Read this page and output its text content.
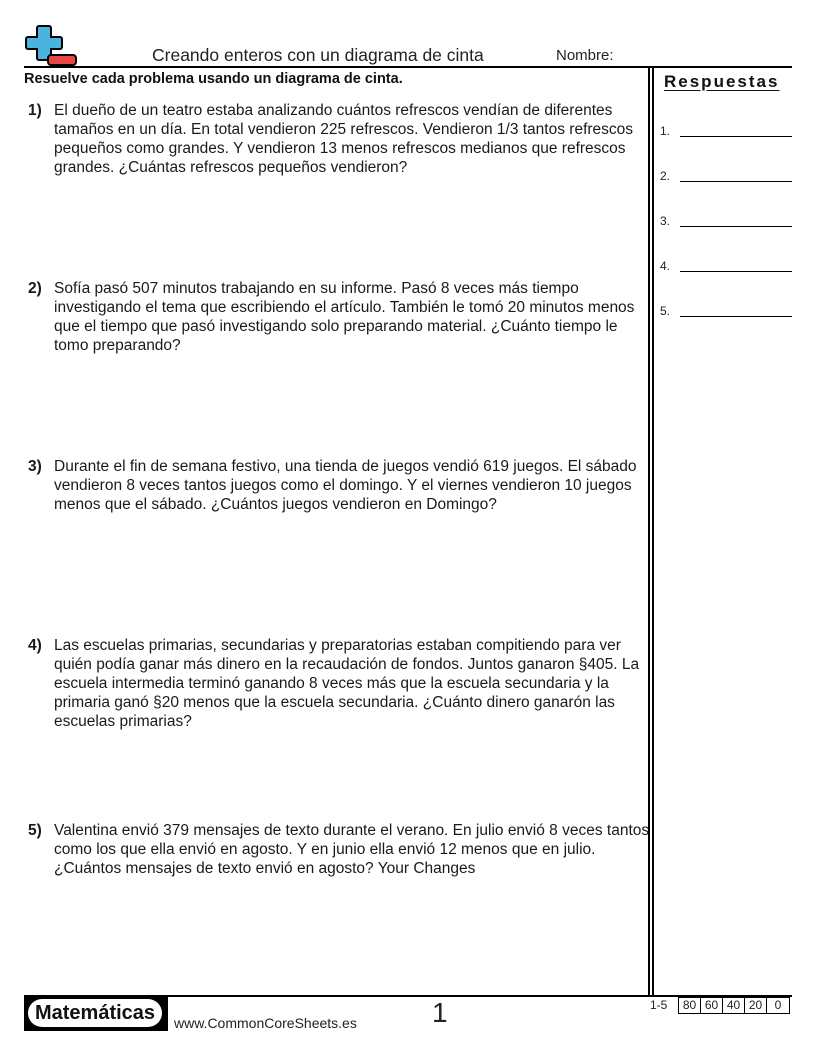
Creando enteros con un diagrama de cinta	Nombre:
Resuelve cada problema usando un diagrama de cinta.	Respuestas
1.
2.
3.
4.
5.
1) El dueño de un teatro estaba analizando cuántos refrescos vendían de diferentes tamaños en un día. En total vendieron 225 refrescos. Vendieron 1/3 tantos refrescos pequeños como grandes. Y vendieron 13 menos refrescos medianos que refrescos grandes. ¿Cuántas refrescos pequeños vendieron?
2) Sofía pasó 507 minutos trabajando en su informe. Pasó 8 veces más tiempo investigando el tema que escribiendo el artículo. También le tomó 20 minutos menos que el tiempo que pasó investigando solo preparando material. ¿Cuánto tiempo le tomo preparando?
3) Durante el fin de semana festivo, una tienda de juegos vendió 619 juegos. El sábado vendieron 8 veces tantos juegos como el domingo. Y el viernes vendieron 10 juegos menos que el sábado. ¿Cuántos juegos vendieron en Domingo?
4) Las escuelas primarias, secundarias y preparatorias estaban compitiendo para ver quién podía ganar más dinero en la recaudación de fondos. Juntos ganaron §405. La escuela intermedia terminó ganando 8 veces más que la escuela secundaria y la primaria ganó §20 menos que la escuela secundaria. ¿Cuánto dinero ganarón las escuelas primarias?
5) Valentina envió 379 mensajes de texto durante el verano. En julio envió 8 veces tantos como los que ella envió en agosto. Y en junio ella envió 12 menos que en julio. ¿Cuántos mensajes de texto envió en agosto? Your Changes
Matemáticas	www.CommonCoreSheets.es	1	1-5	80 60 40 20	0
